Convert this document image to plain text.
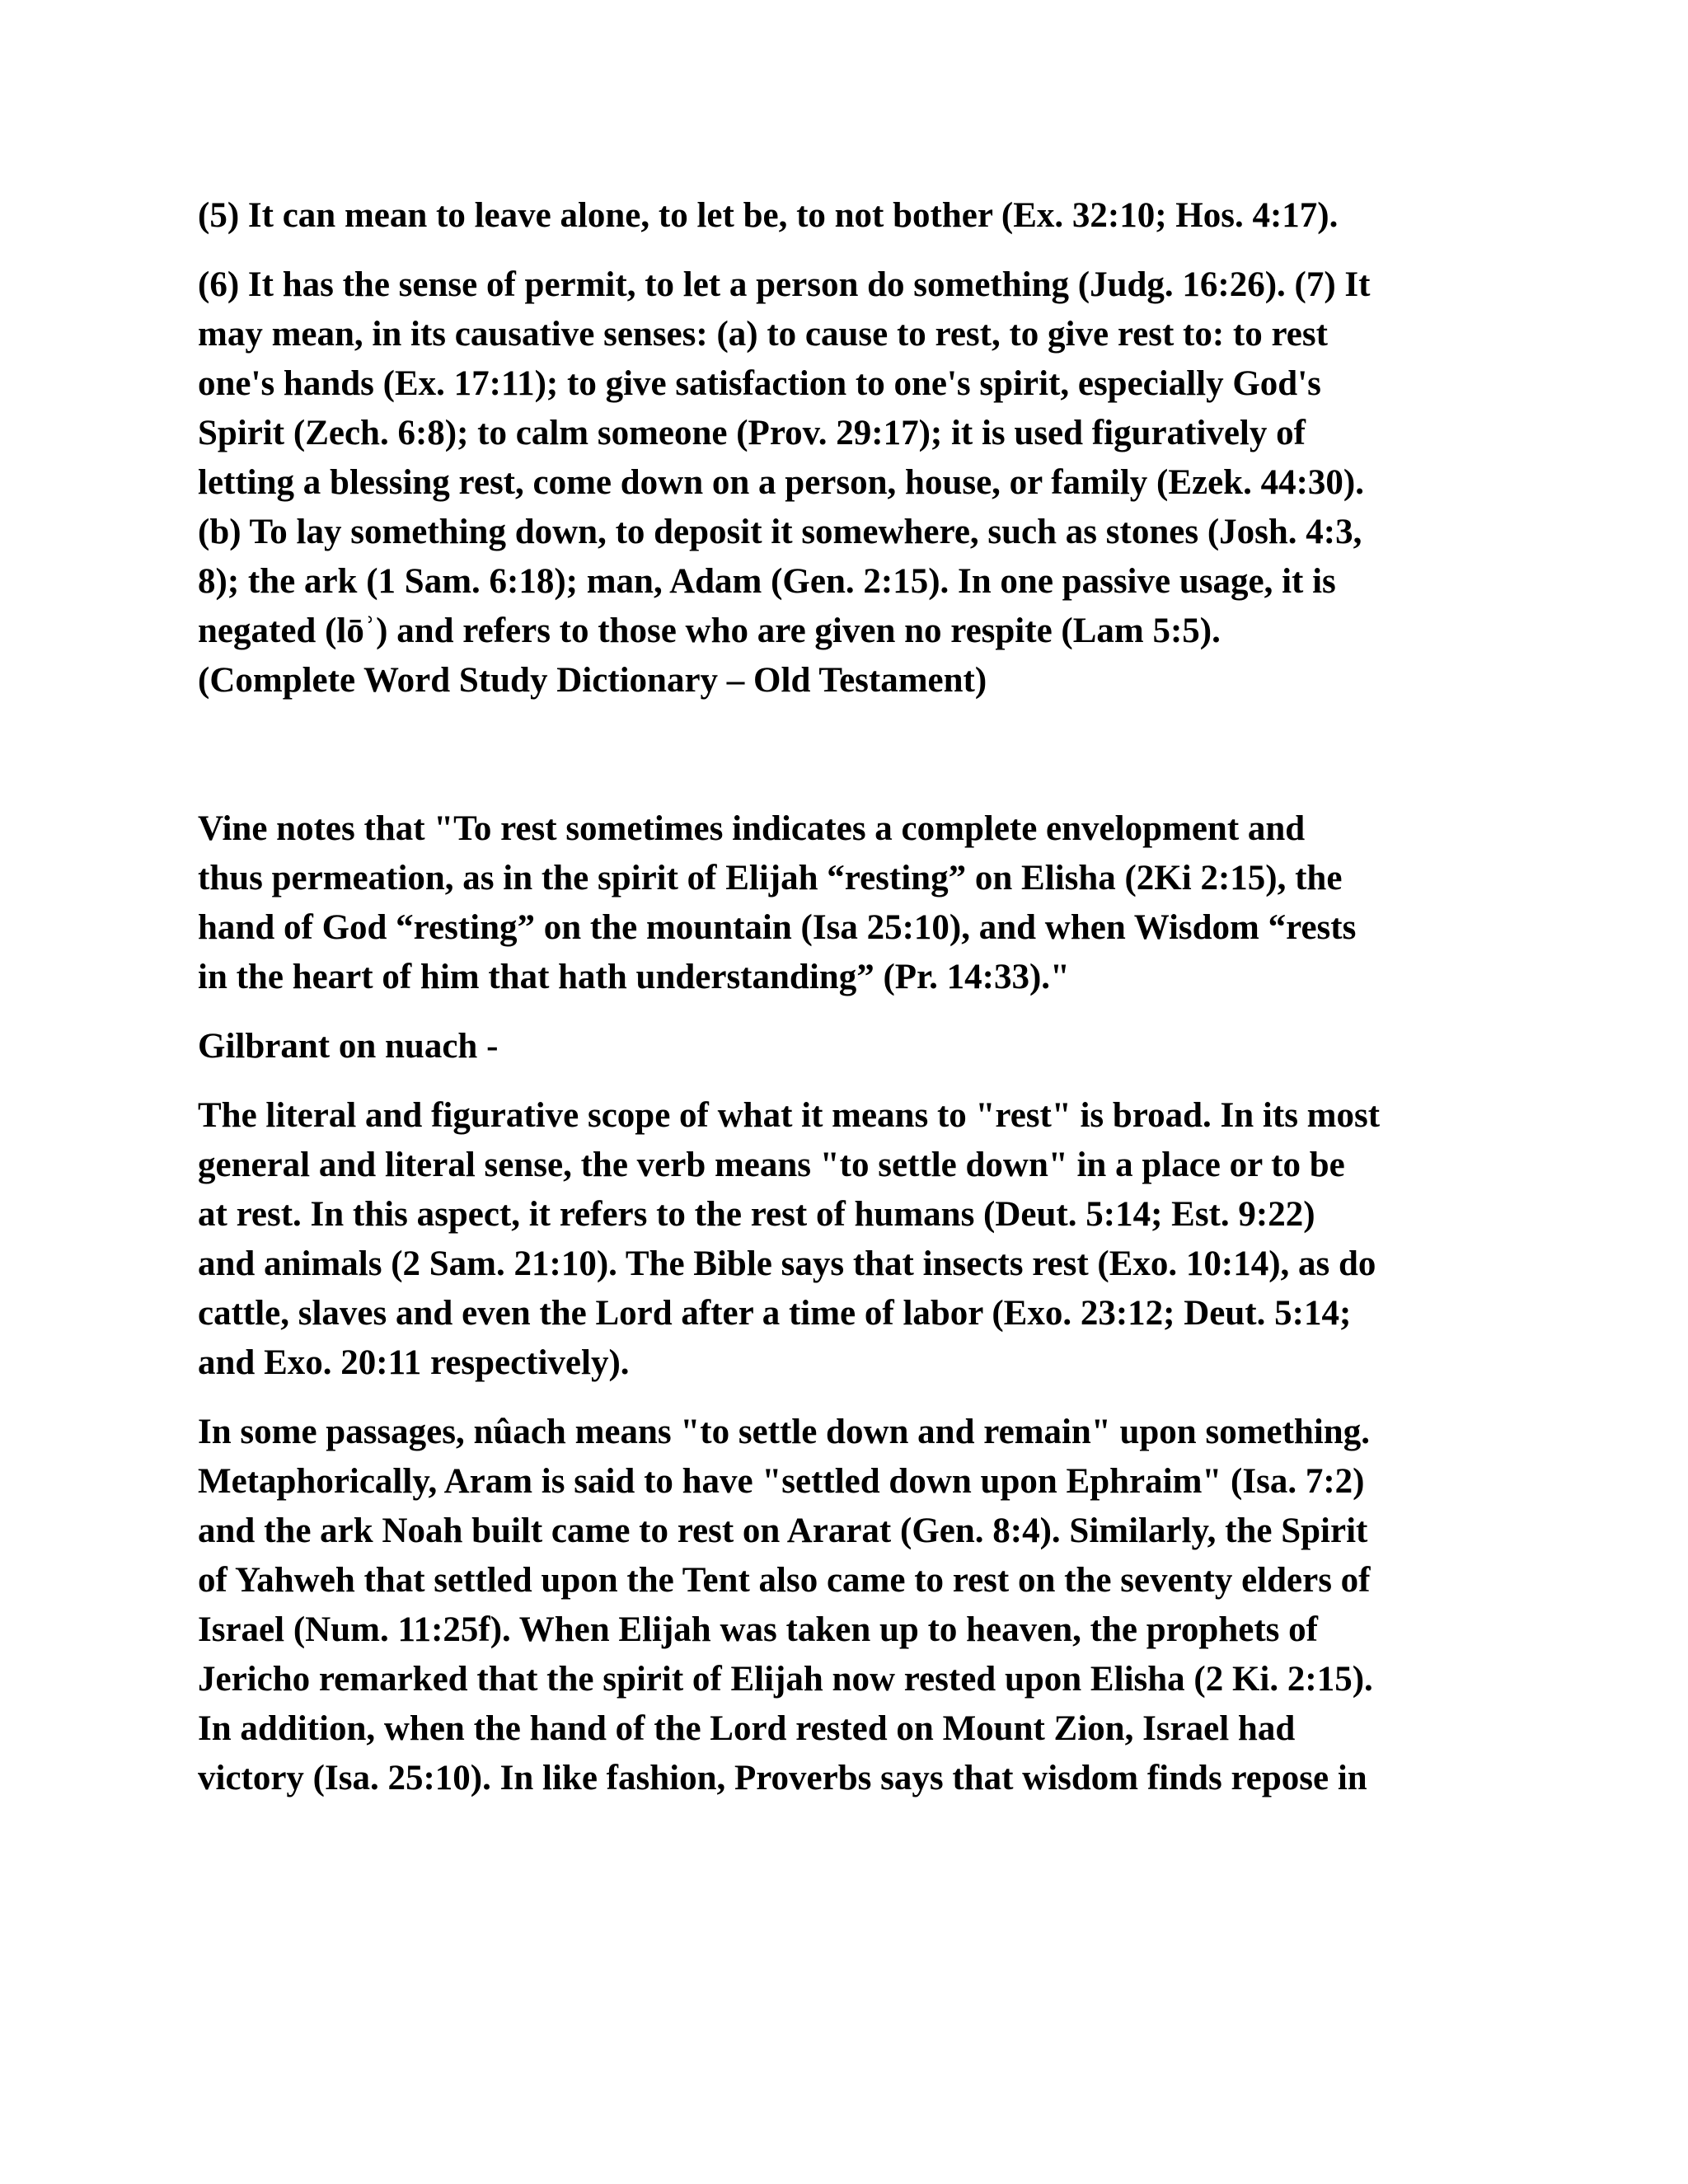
(5) It can mean to leave alone, to let be, to not bother (Ex. 32:10; Hos. 4:17).

(6) It has the sense of permit, to let a person do something (Judg. 16:26). (7) It
may mean, in its causative senses: (a) to cause to rest, to give rest to: to rest
one's hands (Ex. 17:11); to give satisfaction to one's spirit, especially God's
Spirit (Zech. 6:8); to calm someone (Prov. 29:17); it is used figuratively of
letting a blessing rest, come down on a person, house, or family (Ezek. 44:30).
(b) To lay something down, to deposit it somewhere, such as stones (Josh. 4:3,
8); the ark (1 Sam. 6:18); man, Adam (Gen. 2:15). In one passive usage, it is
negated (lōʾ) and refers to those who are given no respite (Lam 5:5).
(Complete Word Study Dictionary – Old Testament)

Vine notes that "To rest sometimes indicates a complete envelopment and
thus permeation, as in the spirit of Elijah “resting” on Elisha (2Ki 2:15), the
hand of God “resting” on the mountain (Isa 25:10), and when Wisdom “rests
in the heart of him that hath understanding” (Pr. 14:33)."

Gilbrant on nuach -

The literal and figurative scope of what it means to "rest" is broad. In its most
general and literal sense, the verb means "to settle down" in a place or to be
at rest. In this aspect, it refers to the rest of humans (Deut. 5:14; Est. 9:22)
and animals (2 Sam. 21:10). The Bible says that insects rest (Exo. 10:14), as do
cattle, slaves and even the Lord after a time of labor (Exo. 23:12; Deut. 5:14;
and Exo. 20:11 respectively).

In some passages, nûach means "to settle down and remain" upon something.
Metaphorically, Aram is said to have "settled down upon Ephraim" (Isa. 7:2)
and the ark Noah built came to rest on Ararat (Gen. 8:4). Similarly, the Spirit
of Yahweh that settled upon the Tent also came to rest on the seventy elders of
Israel (Num. 11:25f). When Elijah was taken up to heaven, the prophets of
Jericho remarked that the spirit of Elijah now rested upon Elisha (2 Ki. 2:15).
In addition, when the hand of the Lord rested on Mount Zion, Israel had
victory (Isa. 25:10). In like fashion, Proverbs says that wisdom finds repose in
